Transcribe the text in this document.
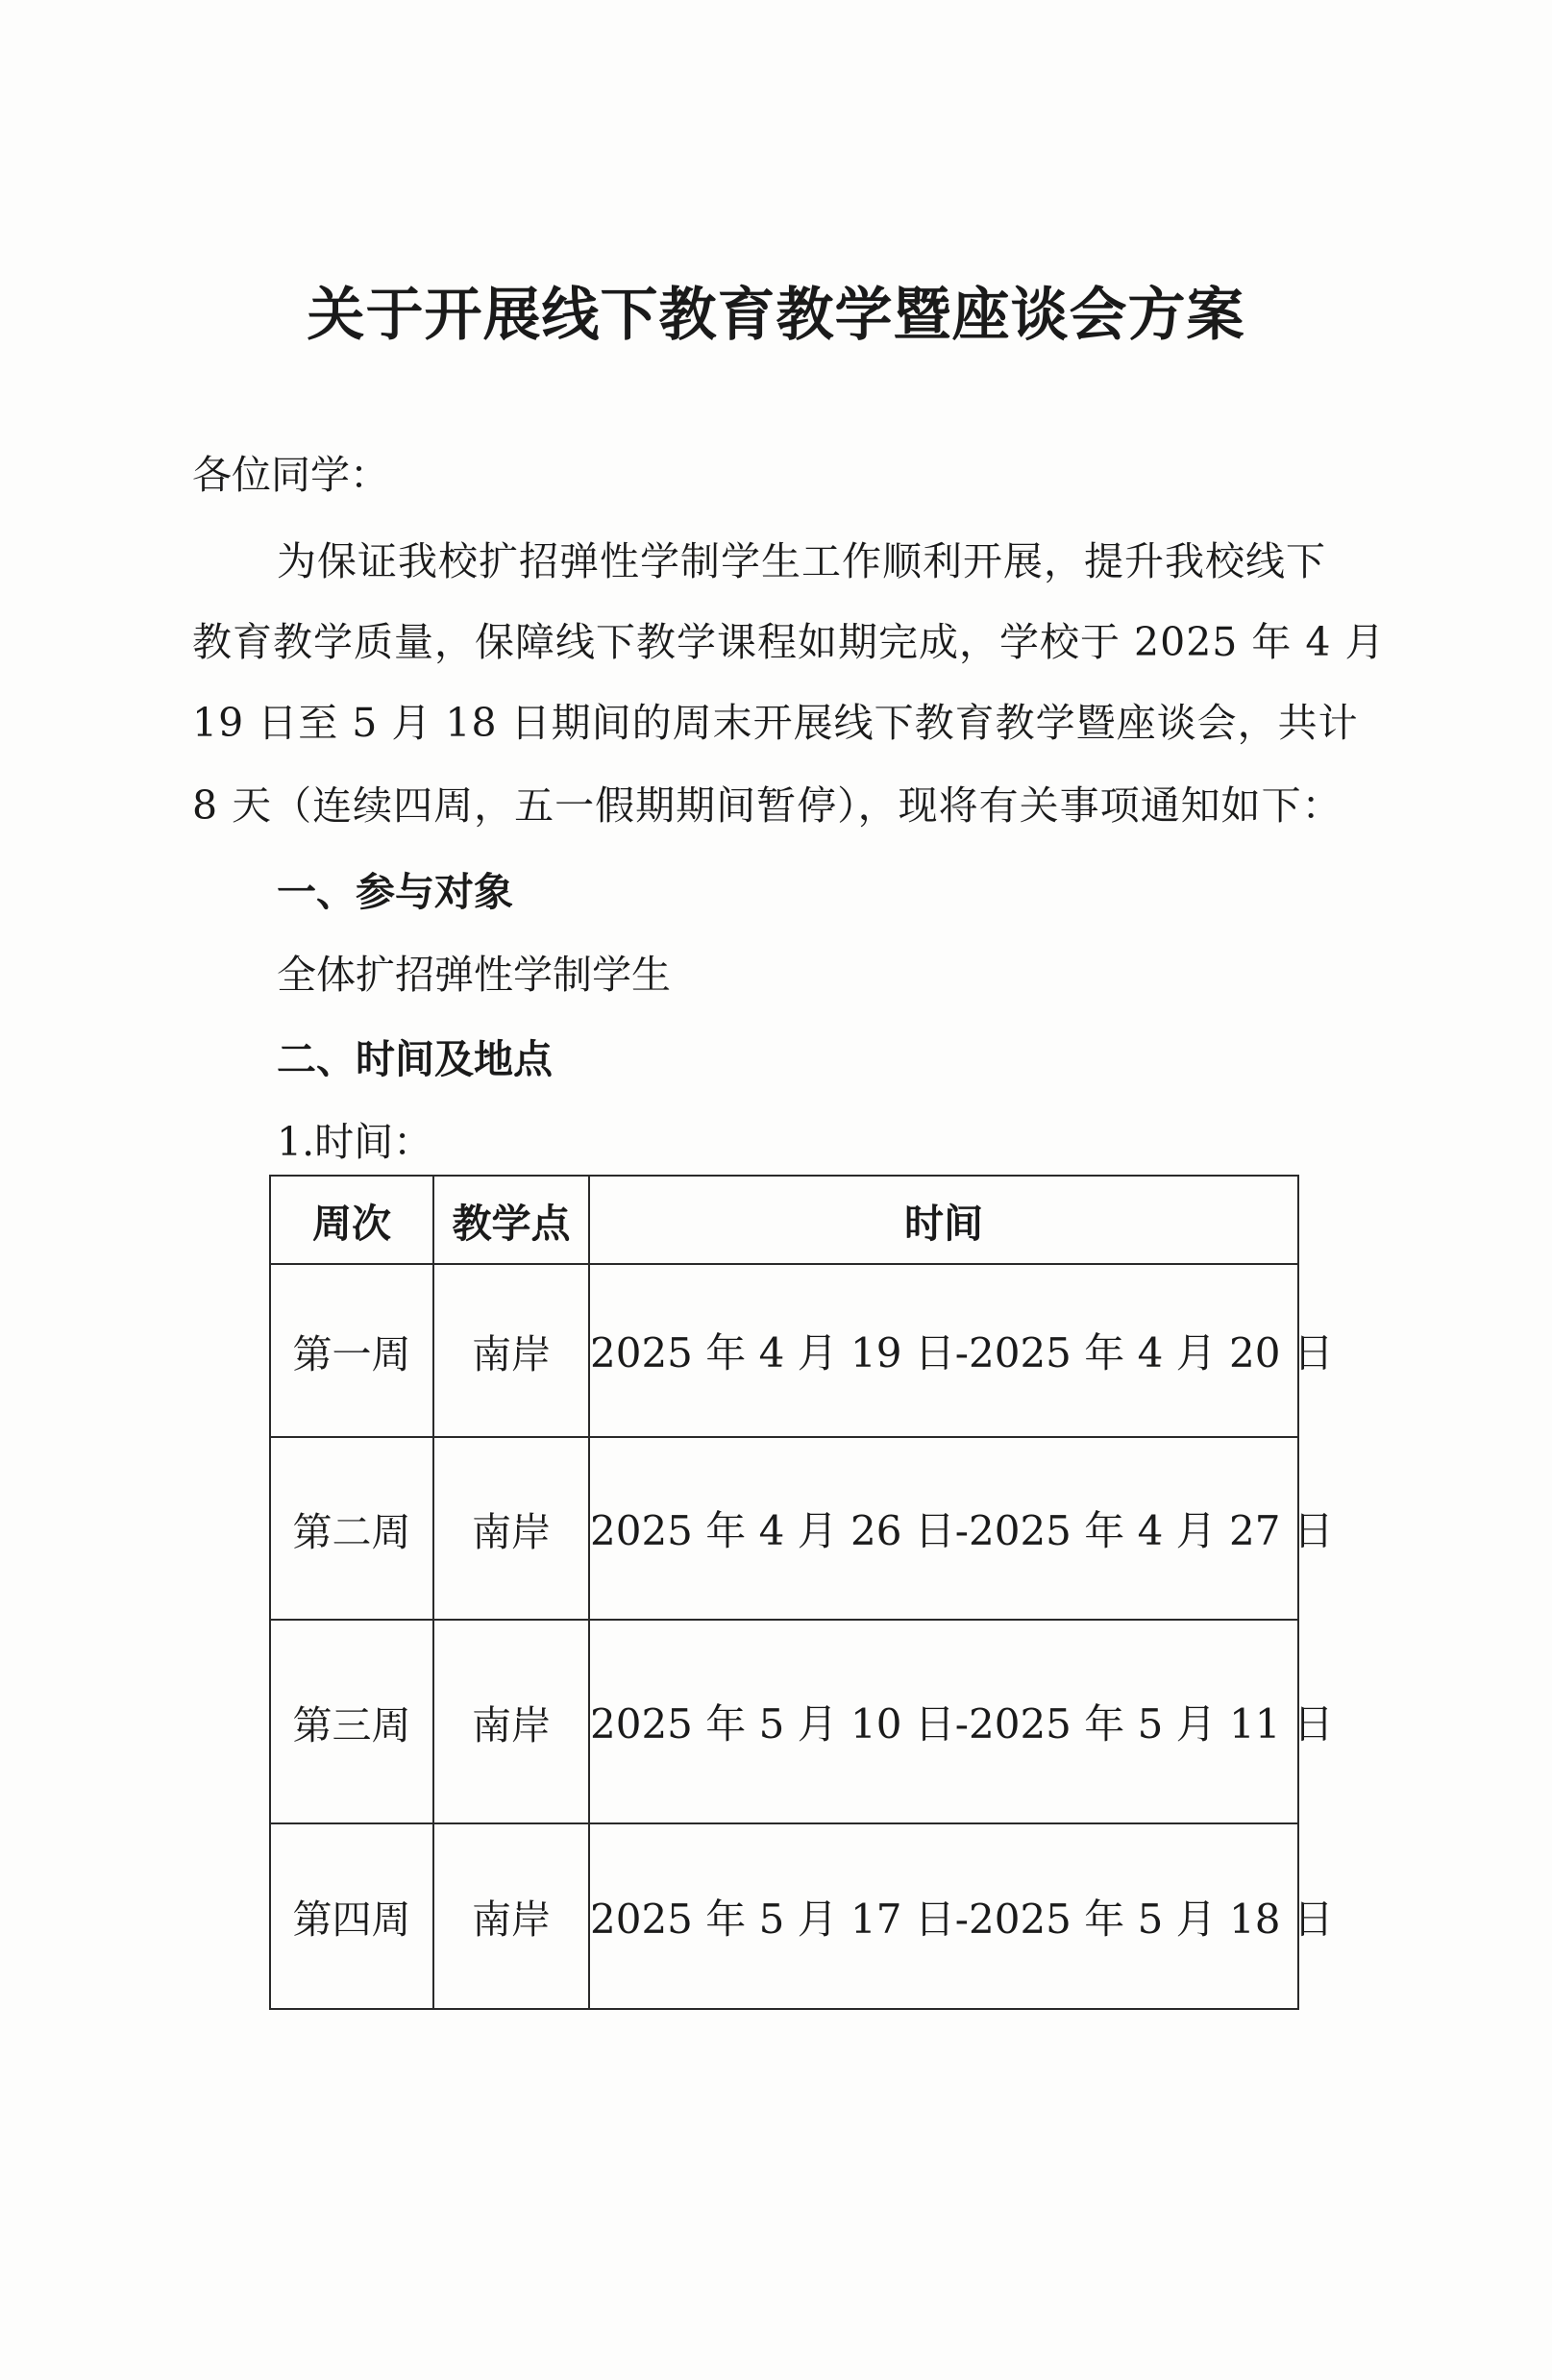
关于开展线下教育教学暨座谈会方案
各位同学：
为保证我校扩招弹性学制学生工作顺利开展，提升我校线下
教育教学质量，保障线下教学课程如期完成，学校于 2025 年 4 月
19 日至 5 月 18 日期间的周末开展线下教育教学暨座谈会，共计
8 天（连续四周，五一假期期间暂停），现将有关事项通知如下：
一、参与对象
全体扩招弹性学制学生
二、时间及地点
1.时间：
周次	教学点	时间
第一周	南岸	2025 年 4 月 19 日-2025 年 4 月 20 日
第二周	南岸	2025 年 4 月 26 日-2025 年 4 月 27 日
第三周	南岸	2025 年 5 月 10 日-2025 年 5 月 11 日
第四周	南岸	2025 年 5 月 17 日-2025 年 5 月 18 日
